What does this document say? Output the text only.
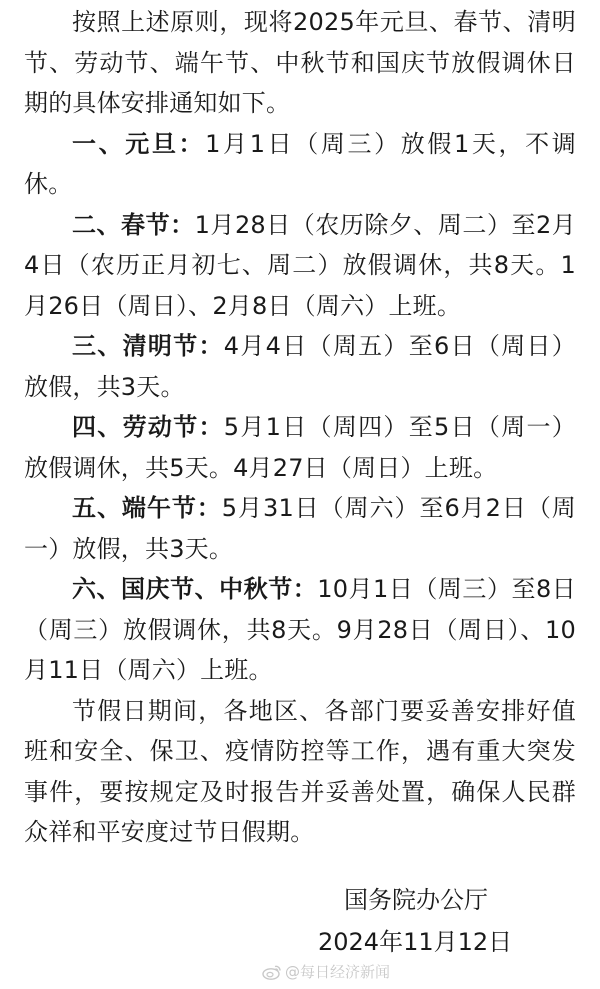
按照上述原则，现将2025年元旦、春节、清明节、劳动节、端午节、中秋节和国庆节放假调休日期的具体安排通知如下。

一、元旦：1月1日（周三）放假1天，不调休。

二、春节：1月28日（农历除夕、周二）至2月4日（农历正月初七、周二）放假调休，共8天。1月26日（周日）、2月8日（周六）上班。

三、清明节：4月4日（周五）至6日（周日）放假，共3天。

四、劳动节：5月1日（周四）至5日（周一）放假调休，共5天。4月27日（周日）上班。

五、端午节：5月31日（周六）至6月2日（周一）放假，共3天。

六、国庆节、中秋节：10月1日（周三）至8日（周三）放假调休，共8天。9月28日（周日）、10月11日（周六）上班。

节假日期间，各地区、各部门要妥善安排好值班和安全、保卫、疫情防控等工作，遇有重大突发事件，要按规定及时报告并妥善处置，确保人民群众祥和平安度过节日假期。

国务院办公厅
2024年11月12日
@每日经济新闻
